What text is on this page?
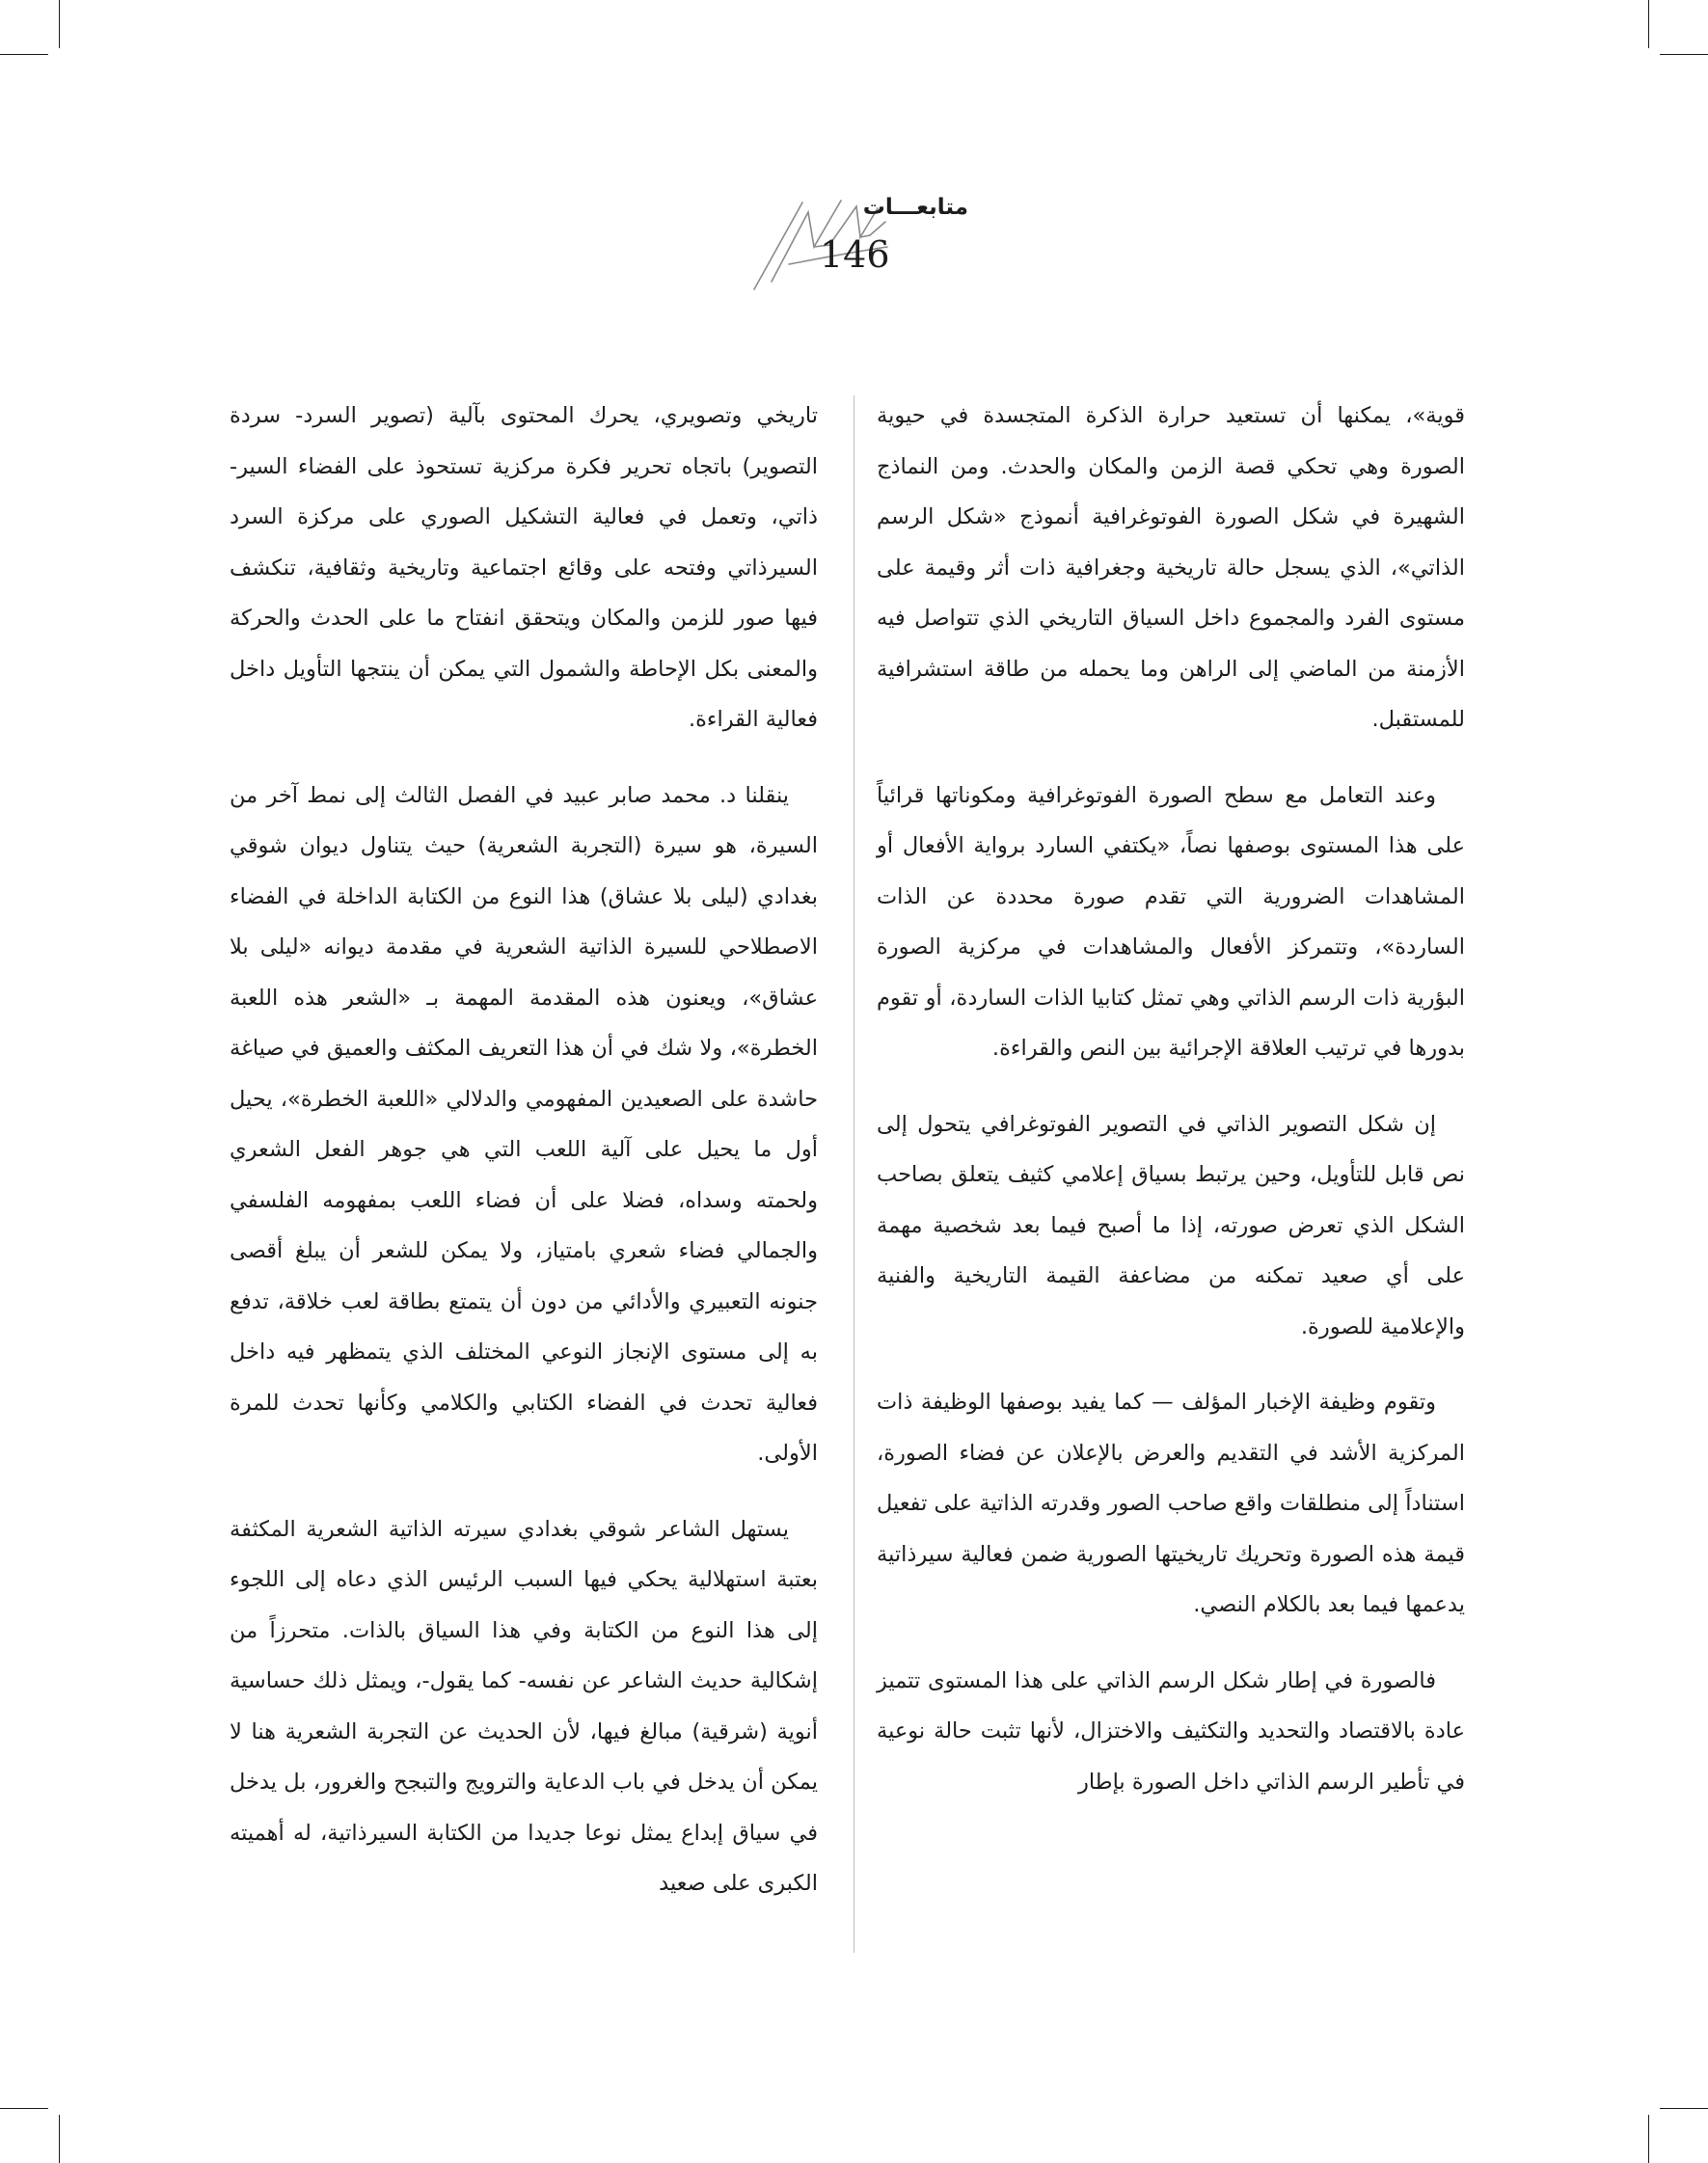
متابعـــات
146

قوية»، يمكنها أن تستعيد حرارة الذكرة المتجسدة في حيوية الصورة وهي تحكي قصة الزمن والمكان والحدث. ومن النماذج الشهيرة في شكل الصورة الفوتوغرافية أنموذج «شكل الرسم الذاتي»، الذي يسجل حالة تاريخية وجغرافية ذات أثر وقيمة على مستوى الفرد والمجموع داخل السياق التاريخي الذي تتواصل فيه الأزمنة من الماضي إلى الراهن وما يحمله من طاقة استشرافية للمستقبل.

وعند التعامل مع سطح الصورة الفوتوغرافية ومكوناتها قرائياً على هذا المستوى بوصفها نصاً، «يكتفي السارد برواية الأفعال أو المشاهدات الضرورية التي تقدم صورة محددة عن الذات الساردة»، وتتمركز الأفعال والمشاهدات في مركزية الصورة البؤرية ذات الرسم الذاتي وهي تمثل كتابيا الذات الساردة، أو تقوم بدورها في ترتيب العلاقة الإجرائية بين النص والقراءة.

إن شكل التصوير الذاتي في التصوير الفوتوغرافي يتحول إلى نص قابل للتأويل، وحين يرتبط بسياق إعلامي كثيف يتعلق بصاحب الشكل الذي تعرض صورته، إذا ما أصبح فيما بعد شخصية مهمة على أي صعيد تمكنه من مضاعفة القيمة التاريخية والفنية والإعلامية للصورة.

وتقوم وظيفة الإخبار المؤلف — كما يفيد بوصفها الوظيفة ذات المركزية الأشد في التقديم والعرض بالإعلان عن فضاء الصورة، استناداً إلى منطلقات واقع صاحب الصور وقدرته الذاتية على تفعيل قيمة هذه الصورة وتحريك تاريخيتها الصورية ضمن فعالية سيرذاتية يدعمها فيما بعد بالكلام النصي.

فالصورة في إطار شكل الرسم الذاتي على هذا المستوى تتميز عادة بالاقتصاد والتحديد والتكثيف والاختزال، لأنها تثبت حالة نوعية في تأطير الرسم الذاتي داخل الصورة بإطار

تاريخي وتصويري، يحرك المحتوى بآلية (تصوير السرد- سردة التصوير) باتجاه تحرير فكرة مركزية تستحوذ على الفضاء السير- ذاتي، وتعمل في فعالية التشكيل الصوري على مركزة السرد السيرذاتي وفتحه على وقائع اجتماعية وتاريخية وثقافية، تنكشف فيها صور للزمن والمكان ويتحقق انفتاح ما على الحدث والحركة والمعنى بكل الإحاطة والشمول التي يمكن أن ينتجها التأويل داخل فعالية القراءة.

ينقلنا د. محمد صابر عبيد في الفصل الثالث إلى نمط آخر من السيرة، هو سيرة (التجربة الشعرية) حيث يتناول ديوان شوقي بغدادي (ليلى بلا عشاق) هذا النوع من الكتابة الداخلة في الفضاء الاصطلاحي للسيرة الذاتية الشعرية في مقدمة ديوانه «ليلى بلا عشاق»، ويعنون هذه المقدمة المهمة بـ «الشعر هذه اللعبة الخطرة»، ولا شك في أن هذا التعريف المكثف والعميق في صياغة حاشدة على الصعيدين المفهومي والدلالي «اللعبة الخطرة»، يحيل أول ما يحيل على آلية اللعب التي هي جوهر الفعل الشعري ولحمته وسداه، فضلا على أن فضاء اللعب بمفهومه الفلسفي والجمالي فضاء شعري بامتياز، ولا يمكن للشعر أن يبلغ أقصى جنونه التعبيري والأدائي من دون أن يتمتع بطاقة لعب خلاقة، تدفع به إلى مستوى الإنجاز النوعي المختلف الذي يتمظهر فيه داخل فعالية تحدث في الفضاء الكتابي والكلامي وكأنها تحدث للمرة الأولى.

يستهل الشاعر شوقي بغدادي سيرته الذاتية الشعرية المكثفة بعتبة استهلالية يحكي فيها السبب الرئيس الذي دعاه إلى اللجوء إلى هذا النوع من الكتابة وفي هذا السياق بالذات. متحرزاً من إشكالية حديث الشاعر عن نفسه- كما يقول-، ويمثل ذلك حساسية أنوية (شرقية) مبالغ فيها، لأن الحديث عن التجربة الشعرية هنا لا يمكن أن يدخل في باب الدعاية والترويج والتبجح والغرور، بل يدخل في سياق إبداع يمثل نوعا جديدا من الكتابة السيرذاتية، له أهميته الكبرى على صعيد
